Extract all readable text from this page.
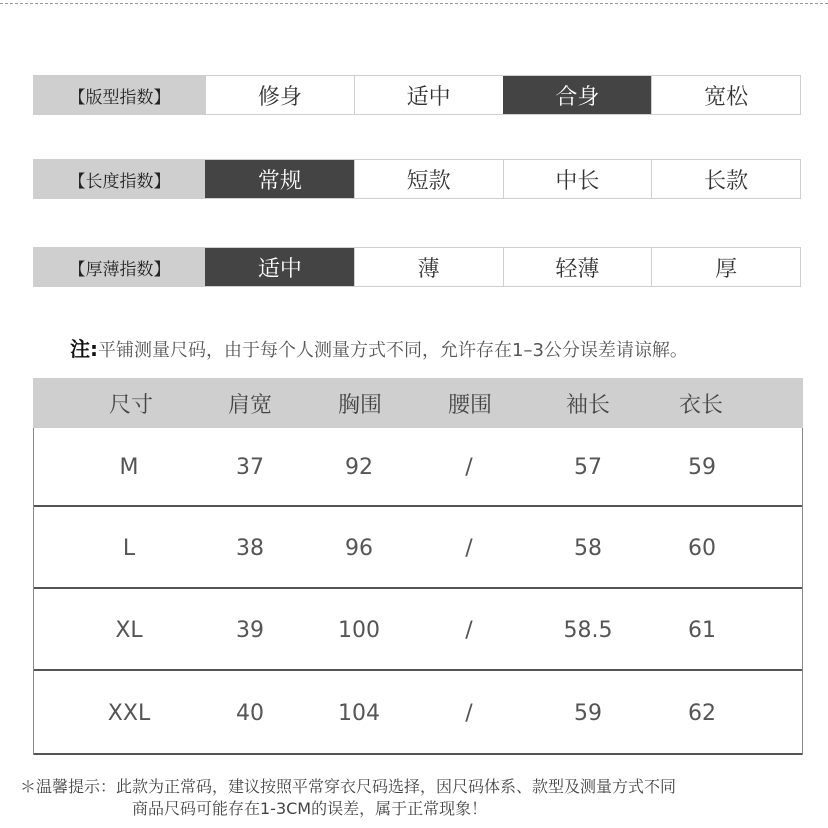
【版型指数】	修身	适中	合身	宽松
【长度指数】	常规	短款	中长	长款
【厚薄指数】	适中	薄	轻薄	厚
注:平铺测量尺码，由于每个人测量方式不同，允许存在1–3公分误差请谅解。
尺寸	肩宽	胸围	腰围	袖长	衣长
M	37	92	/	57	59
L	38	96	/	58	60
XL	39	100	/	58.5	61
XXL	40	104	/	59	62
＊温馨提示：此款为正常码，建议按照平常穿衣尺码选择，因尺码体系、款型及测量方式不同
商品尺码可能存在1-3CM的误差，属于正常现象！
